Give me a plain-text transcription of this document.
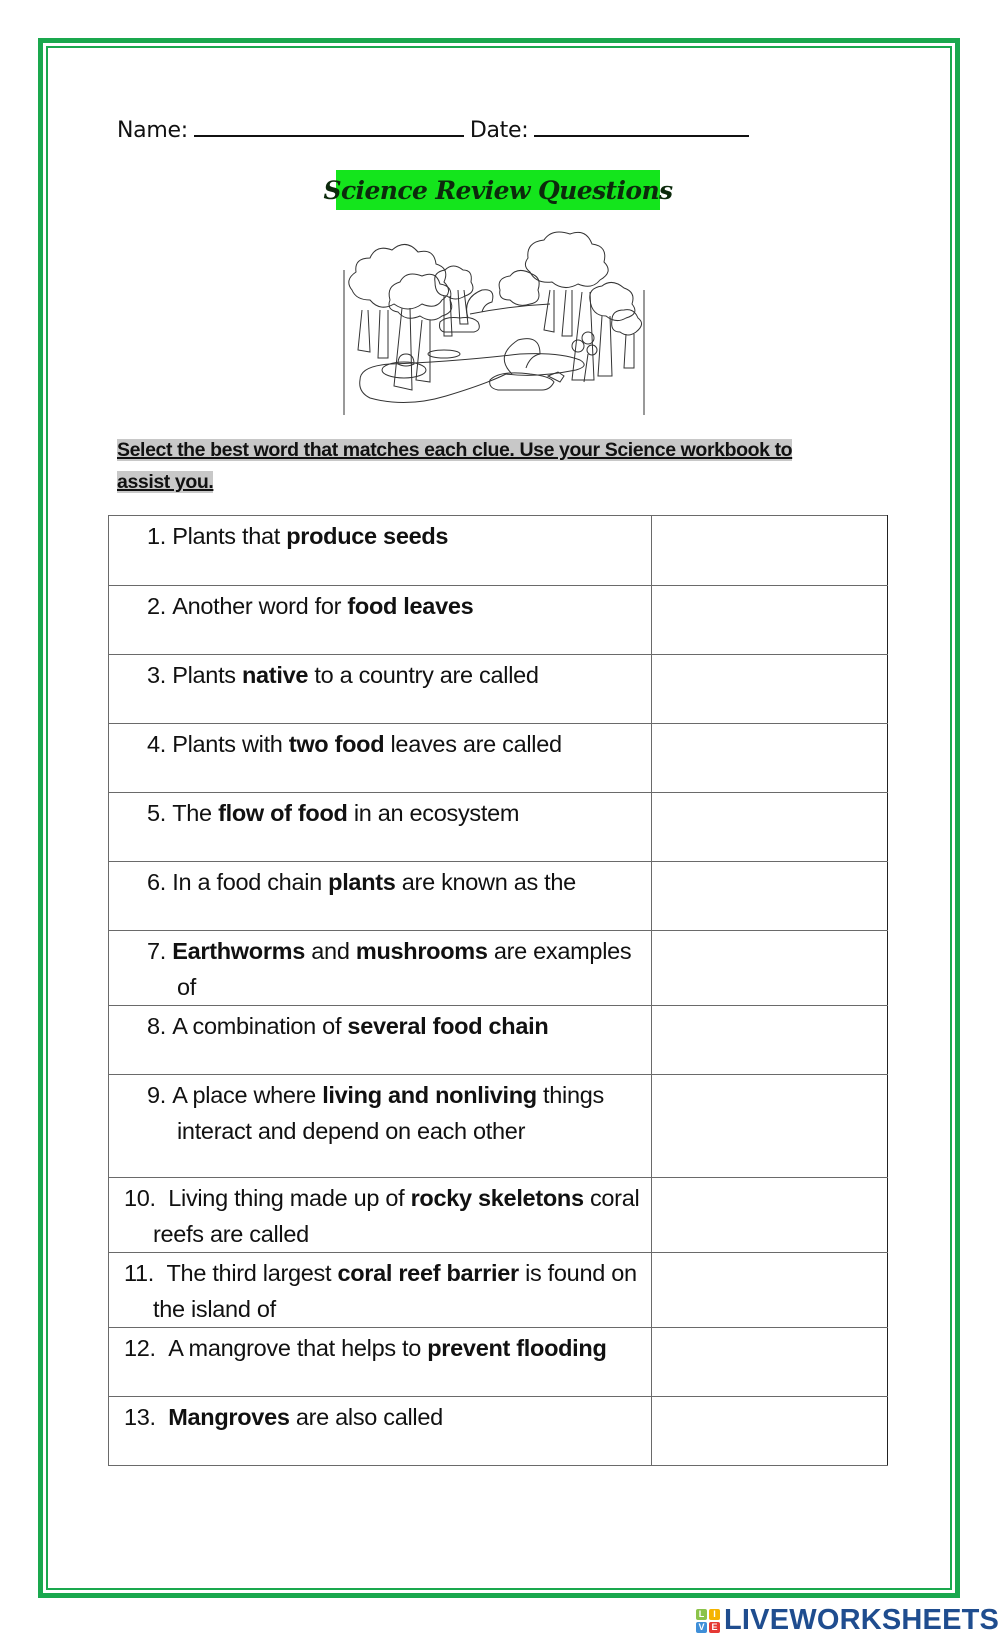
Name:	Date:
Science Review Questions
Select the best word that matches each clue. Use your Science workbook to assist you.
1. Plants that produce seeds	

2. Another word for food leaves	

3. Plants native to a country are called	

4. Plants with two food leaves are called	

5. The flow of food in an ecosystem	

6. In a food chain plants are known as the	

7. Earthworms and mushrooms are examples of	

8. A combination of several food chain	

9. A place where living and nonliving things interact and depend on each other	

10. Living thing made up of rocky skeletons coral reefs are called	

11. The third largest coral reef barrier is found on the island of	

12. A mangrove that helps to prevent flooding	

13. Mangroves are also called	

L I
V E LIVEWORKSHEETS
